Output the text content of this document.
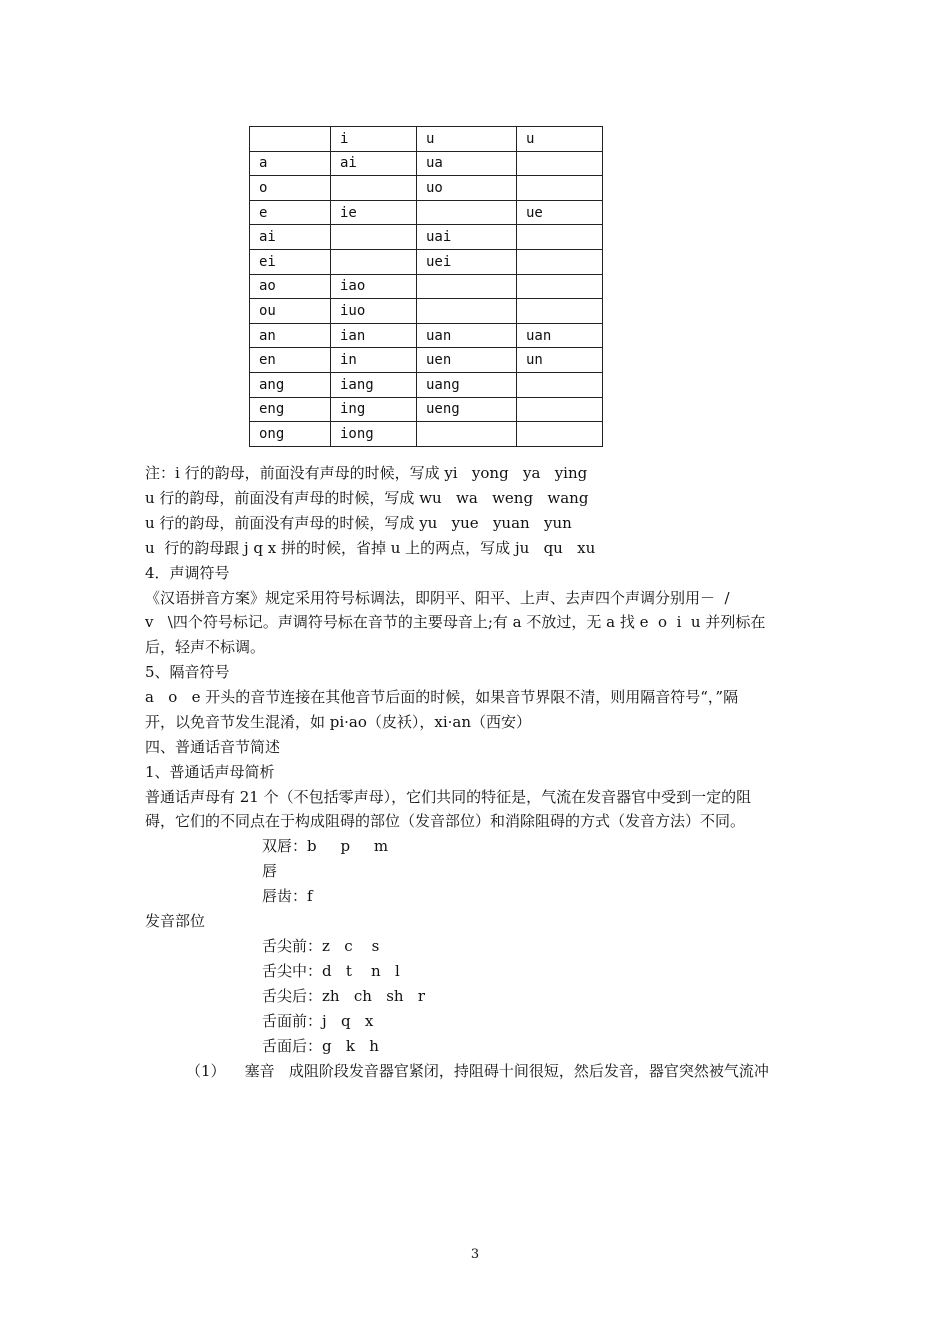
	i	u	u
a	ai	ua	
o		uo	
e	ie		ue
ai		uai	
ei		uei	
ao	iao		
ou	iuo		
an	ian	uan	uan
en	in	uen	un
ang	iang	uang	
eng	ing	ueng	
ong	iong		
注：i 行的韵母，前面没有声母的时候，写成 yi   yong   ya   ying
u 行的韵母，前面没有声母的时候，写成 wu   wa   weng   wang
u 行的韵母，前面没有声母的时候，写成 yu   yue   yuan   yun
u  行的韵母跟 j q x 拼的时候，省掉 u 上的两点，写成 ju   qu   xu
4．声调符号
《汉语拼音方案》规定采用符号标调法，即阴平、阳平、上声、去声四个声调分别用－  /
v   \四个符号标记。声调符号标在音节的主要母音上;有 a 不放过，无 a 找 e  o  i  u 并列标在
后，轻声不标调。
5、隔音符号
a   o   e 开头的音节连接在其他音节后面的时候，如果音节界限不清，则用隔音符号“，”隔
开，以免音节发生混淆，如 pi·ao（皮袄），xi·an（西安）
四、普通话音节简述
1、普通话声母简析
普通话声母有 21 个（不包括零声母），它们共同的特征是，气流在发音器官中受到一定的阻
碍，它们的不同点在于构成阻碍的部位（发音部位）和消除阻碍的方式（发音方法）不同。
双唇：b     p     m
唇
唇齿：f
发音部位
舌尖前：z   c    s
舌尖中：d   t    n   l
舌尖后：zh   ch   sh   r
舌面前：j   q   x
舌面后：g   k   h
（1）    塞音   成阻阶段发音器官紧闭，持阻碍十间很短，然后发音，器官突然被气流冲
3
